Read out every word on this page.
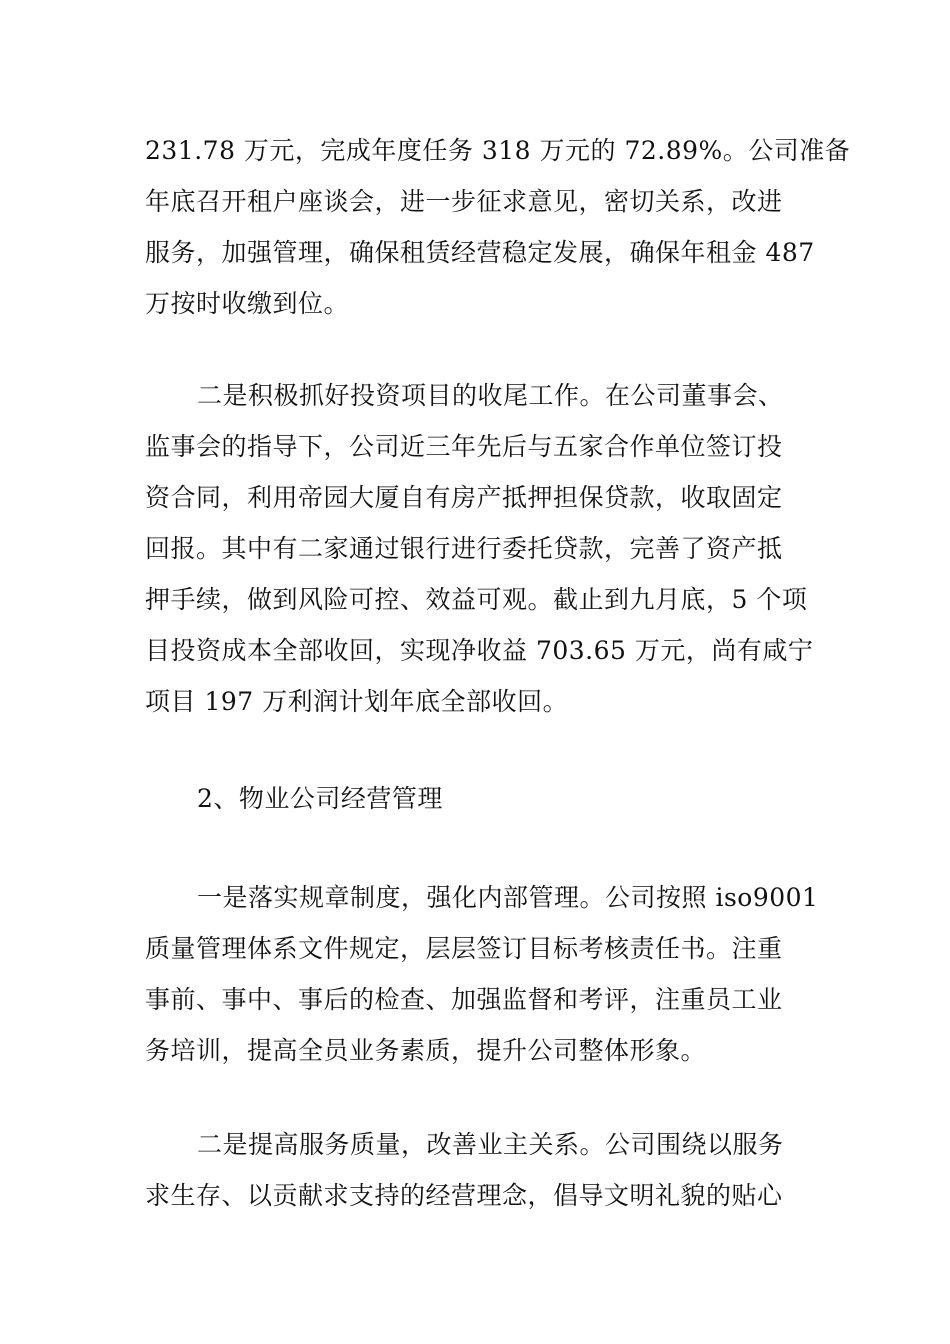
231.78 万元，完成年度任务 318 万元的 72.89%。公司准备
年底召开租户座谈会，进一步征求意见，密切关系，改进
服务，加强管理，确保租赁经营稳定发展，确保年租金 487
万按时收缴到位。

二是积极抓好投资项目的收尾工作。在公司董事会、
监事会的指导下，公司近三年先后与五家合作单位签订投
资合同，利用帝园大厦自有房产抵押担保贷款，收取固定
回报。其中有二家通过银行进行委托贷款，完善了资产抵
押手续，做到风险可控、效益可观。截止到九月底，5 个项
目投资成本全部收回，实现净收益 703.65 万元，尚有咸宁
项目 197 万利润计划年底全部收回。

2、物业公司经营管理

一是落实规章制度，强化内部管理。公司按照 iso9001
质量管理体系文件规定，层层签订目标考核责任书。注重
事前、事中、事后的检查、加强监督和考评，注重员工业
务培训，提高全员业务素质，提升公司整体形象。

二是提高服务质量，改善业主关系。公司围绕以服务
求生存、以贡献求支持的经营理念，倡导文明礼貌的贴心
